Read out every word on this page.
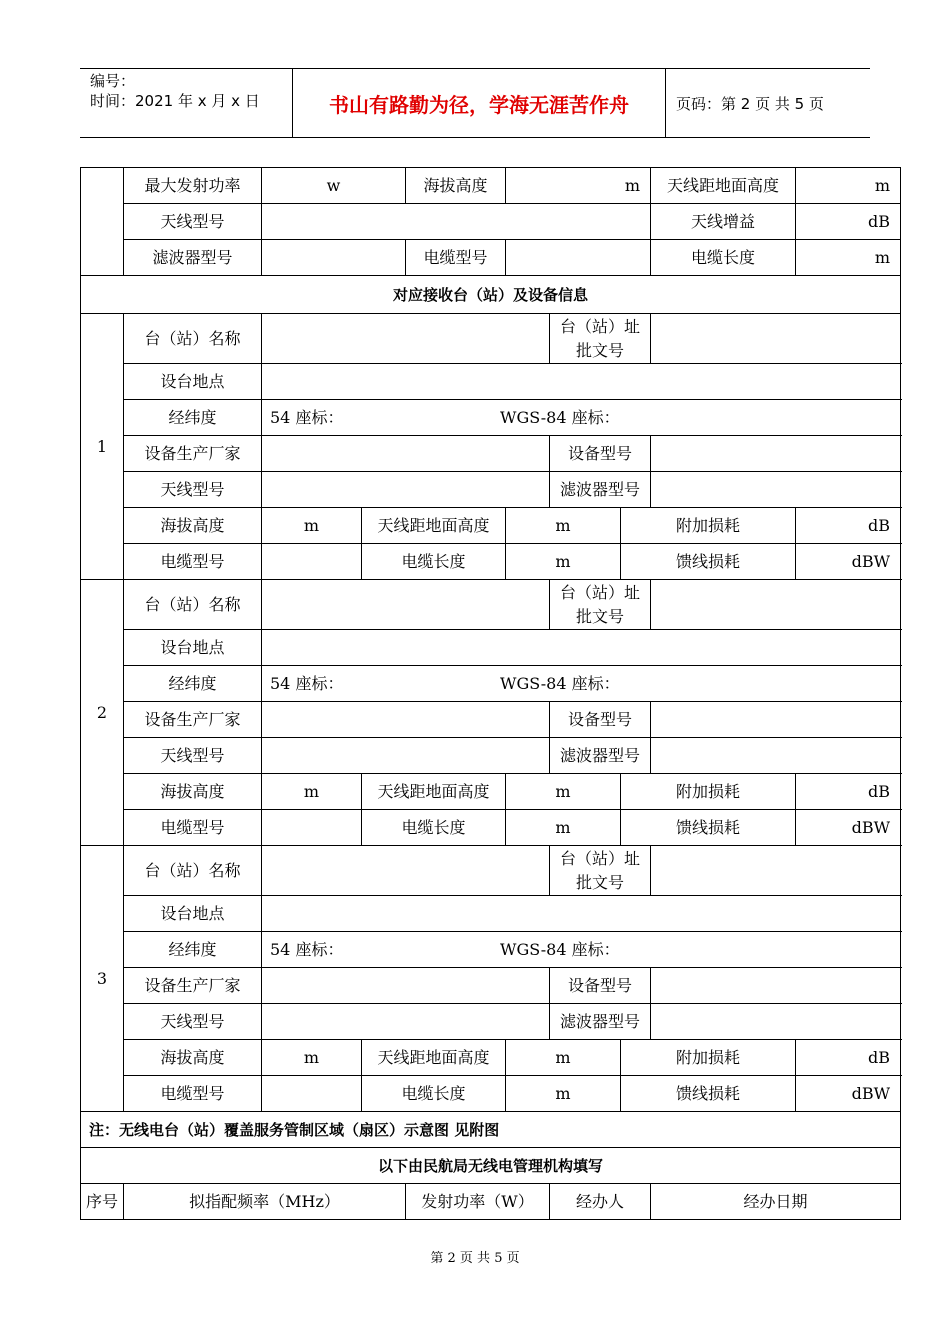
编号：
时间：2021 年 x 月 x 日	书山有路勤为径，学海无涯苦作舟	页码：第 2 页 共 5 页
	最大发射功率	w		海拔高度	m			天线距地面高度	m
	天线型号							天线增益	dB
	滤波器型号			电缆型号				电缆长度	m
对应接收台（站）及设备信息									
1	台（站）名称					台（站）址批文号			
	设台地点								
	经纬度	54 座标： WGS-84 座标：							

	设备生产厂家					设备型号			
	天线型号					滤波器型号			
	海拔高度	m	天线距地面高度		m		附加损耗		dB
	电缆型号		电缆长度		m		馈线损耗		dBW
2	台（站）名称					台（站）址批文号			
	设台地点								
	经纬度	54 座标： WGS-84 座标：							

	设备生产厂家					设备型号			
	天线型号					滤波器型号			
	海拔高度	m	天线距地面高度		m		附加损耗		dB
	电缆型号		电缆长度		m		馈线损耗		dBW
3	台（站）名称					台（站）址批文号			
	设台地点								
	经纬度	54 座标： WGS-84 座标：							

	设备生产厂家					设备型号			
	天线型号					滤波器型号			
	海拔高度	m	天线距地面高度		m		附加损耗		dB
	电缆型号		电缆长度		m		馈线损耗		dBW
注：无线电台（站）覆盖服务管制区域（扇区）示意图 见附图									
以下由民航局无线电管理机构填写									
序号	拟指配频率（MHz）			发射功率（W）		经办人		经办日期	
第 2 页 共 5 页
